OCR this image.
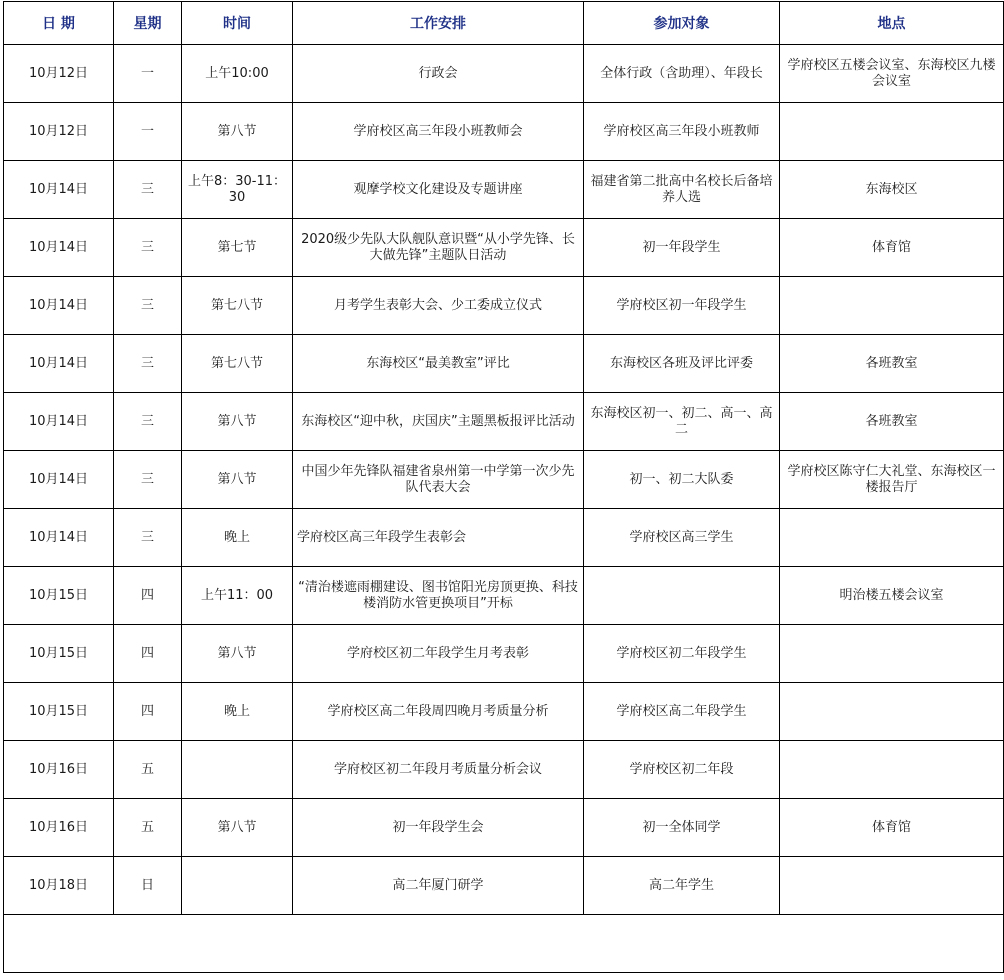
日 期	星期	时间	工作安排	参加对象	地点
10月12日	一	上午10:00	行政会	全体行政（含助理）、年段长	学府校区五楼会议室、东海校区九楼会议室
10月12日	一	第八节	学府校区高三年段小班教师会	学府校区高三年段小班教师	
10月14日	三	上午8：30-11：30	观摩学校文化建设及专题讲座	福建省第二批高中名校长后备培养人选	东海校区
10月14日	三	第七节	2020级少先队大队舰队意识暨“从小学先锋、长大做先锋”主题队日活动	初一年段学生	体育馆
10月14日	三	第七八节	月考学生表彰大会、少工委成立仪式	学府校区初一年段学生	
10月14日	三	第七八节	东海校区“最美教室”评比	东海校区各班及评比评委	各班教室
10月14日	三	第八节	东海校区“迎中秋，庆国庆”主题黑板报评比活动	东海校区初一、初二、高一、高二	各班教室
10月14日	三	第八节	中国少年先锋队福建省泉州第一中学第一次少先队代表大会	初一、初二大队委	学府校区陈守仁大礼堂、东海校区一楼报告厅
10月14日	三	晚上	学府校区高三年段学生表彰会	学府校区高三学生	
10月15日	四	上午11：00	“清治楼遮雨棚建设、图书馆阳光房顶更换、科技楼消防水管更换项目”开标		明治楼五楼会议室
10月15日	四	第八节	学府校区初二年段学生月考表彰	学府校区初二年段学生	
10月15日	四	晚上	学府校区高二年段周四晚月考质量分析	学府校区高二年段学生	
10月16日	五		学府校区初二年段月考质量分析会议	学府校区初二年段	
10月16日	五	第八节	初一年段学生会	初一全体同学	体育馆
10月18日	日		高二年厦门研学	高二年学生	
